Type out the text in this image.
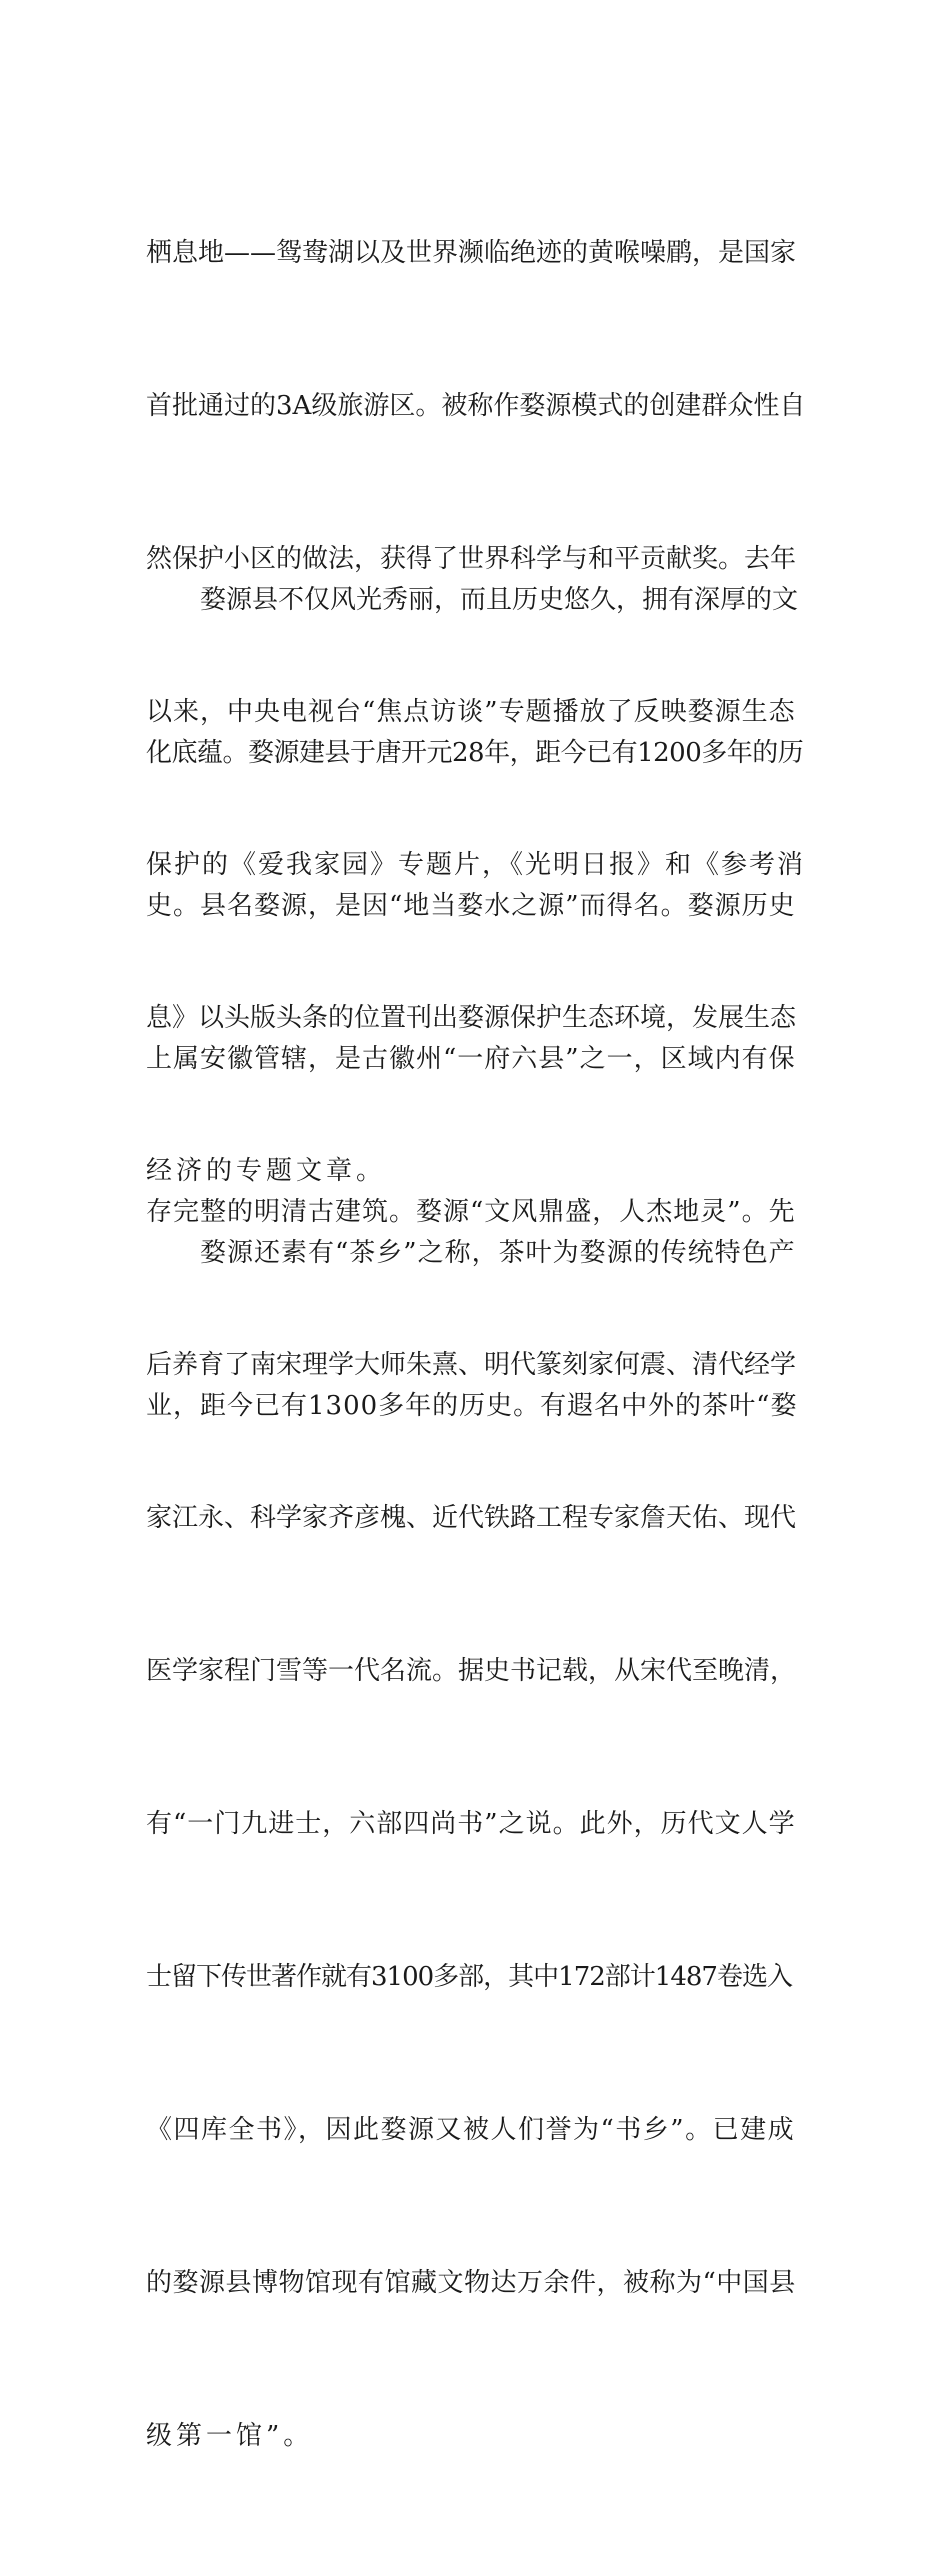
栖息地——鸳鸯湖以及世界濒临绝迹的黄喉噪鹛，是国家

首批通过的3A级旅游区。被称作婺源模式的创建群众性自

然保护小区的做法，获得了世界科学与和平贡献奖。去年

以来，中央电视台“焦点访谈”专题播放了反映婺源生态

保护的《爱我家园》专题片，《光明日报》和《参考消

息》以头版头条的位置刊出婺源保护生态环境，发展生态

经济的专题文章。

婺源县不仅风光秀丽，而且历史悠久，拥有深厚的文

化底蕴。婺源建县于唐开元28年，距今已有1200多年的历

史。县名婺源，是因“地当婺水之源”而得名。婺源历史

上属安徽管辖，是古徽州“一府六县”之一，区域内有保

存完整的明清古建筑。婺源“文风鼎盛，人杰地灵”。先

后养育了南宋理学大师朱熹、明代篆刻家何震、清代经学

家江永、科学家齐彦槐、近代铁路工程专家詹天佑、现代

医学家程门雪等一代名流。据史书记载，从宋代至晚清，

有“一门九进士，六部四尚书”之说。此外，历代文人学

士留下传世著作就有3100多部，其中172部计1487卷选入

《四库全书》，因此婺源又被人们誉为“书乡”。已建成

的婺源县博物馆现有馆藏文物达万余件，被称为“中国县

级第一馆”。

婺源还素有“茶乡”之称，茶叶为婺源的传统特色产

业，距今已有1300多年的历史。有遐名中外的茶叶“婺
